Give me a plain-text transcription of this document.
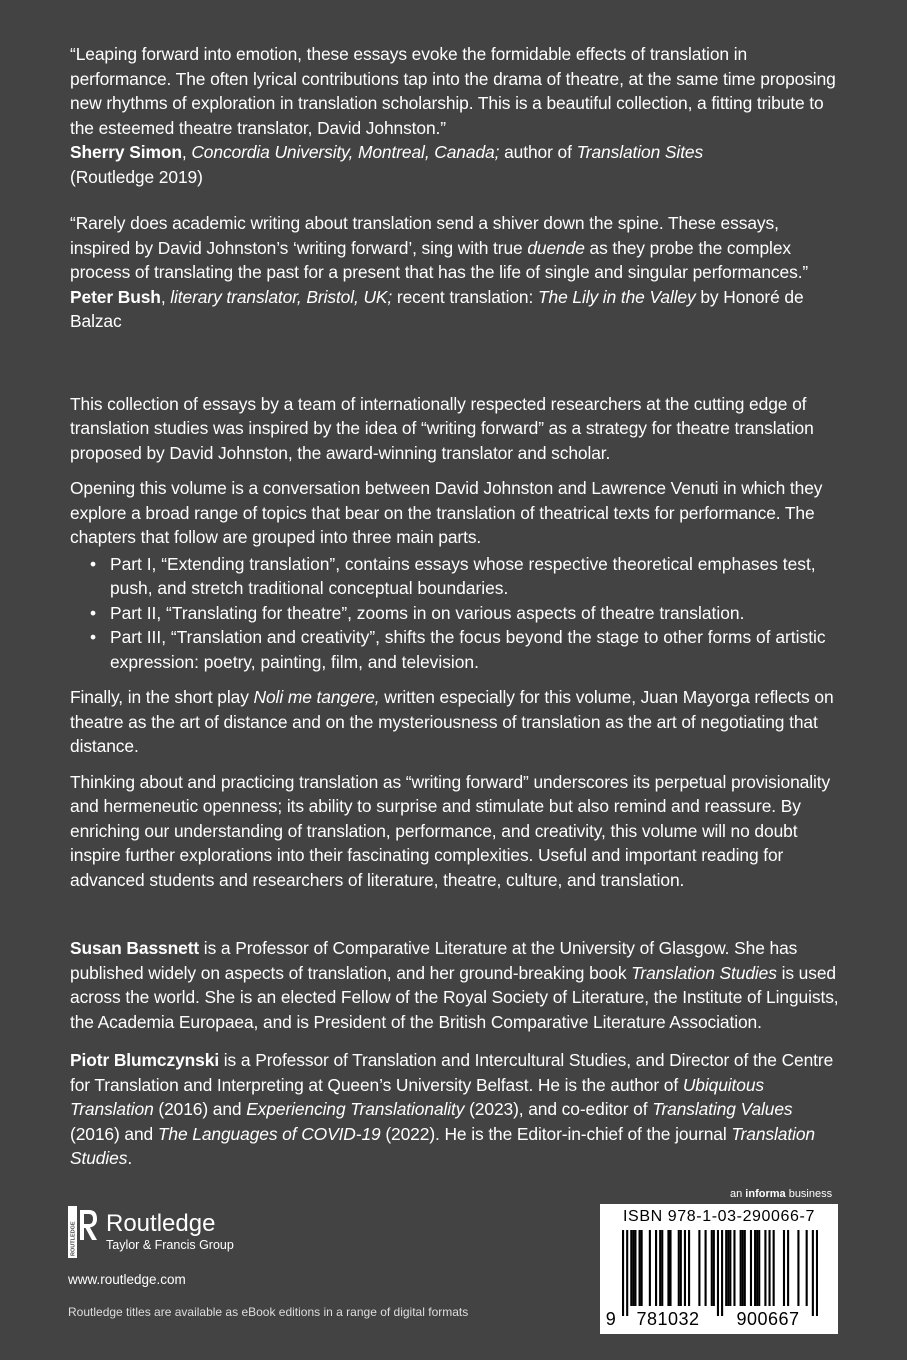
“Leaping forward into emotion, these essays evoke the formidable effects of translation in performance. The often lyrical contributions tap into the drama of theatre, at the same time proposing new rhythms of exploration in translation scholarship. This is a beautiful collection, a fitting tribute to the esteemed theatre translator, David Johnston.”
Sherry Simon, Concordia University, Montreal, Canada; author of Translation Sites
(Routledge 2019)

“Rarely does academic writing about translation send a shiver down the spine. These essays, inspired by David Johnston’s ‘writing forward’, sing with true duende as they probe the complex process of translating the past for a present that has the life of single and singular performances.”
Peter Bush, literary translator, Bristol, UK; recent translation: The Lily in the Valley by Honoré de Balzac

This collection of essays by a team of internationally respected researchers at the cutting edge of translation studies was inspired by the idea of “writing forward” as a strategy for theatre translation proposed by David Johnston, the award-winning translator and scholar.

Opening this volume is a conversation between David Johnston and Lawrence Venuti in which they explore a broad range of topics that bear on the translation of theatrical texts for performance. The chapters that follow are grouped into three main parts.

• Part I, “Extending translation”, contains essays whose respective theoretical emphases test, push, and stretch traditional conceptual boundaries.
• Part II, “Translating for theatre”, zooms in on various aspects of theatre translation.
• Part III, “Translation and creativity”, shifts the focus beyond the stage to other forms of artistic expression: poetry, painting, film, and television.

Finally, in the short play Noli me tangere, written especially for this volume, Juan Mayorga reflects on theatre as the art of distance and on the mysteriousness of translation as the art of negotiating that distance.

Thinking about and practicing translation as “writing forward” underscores its perpetual provisionality and hermeneutic openness; its ability to surprise and stimulate but also remind and reassure. By enriching our understanding of translation, performance, and creativity, this volume will no doubt inspire further explorations into their fascinating complexities. Useful and important reading for advanced students and researchers of literature, theatre, culture, and translation.

Susan Bassnett is a Professor of Comparative Literature at the University of Glasgow. She has published widely on aspects of translation, and her ground-breaking book Translation Studies is used across the world. She is an elected Fellow of the Royal Society of Literature, the Institute of Linguists, the Academia Europaea, and is President of the British Comparative Literature Association.

Piotr Blumczynski is a Professor of Translation and Intercultural Studies, and Director of the Centre for Translation and Interpreting at Queen’s University Belfast. He is the author of Ubiquitous Translation (2016) and Experiencing Translationality (2023), and co-editor of Translating Values (2016) and The Languages of COVID-19 (2022). He is the Editor-in-chief of the journal Translation Studies.

ROUTLEDGE Routledge
Taylor & Francis Group
www.routledge.com
Routledge titles are available as eBook editions in a range of digital formats
an informa business
ISBN 978-1-03-290066-7
9	781032	900667
